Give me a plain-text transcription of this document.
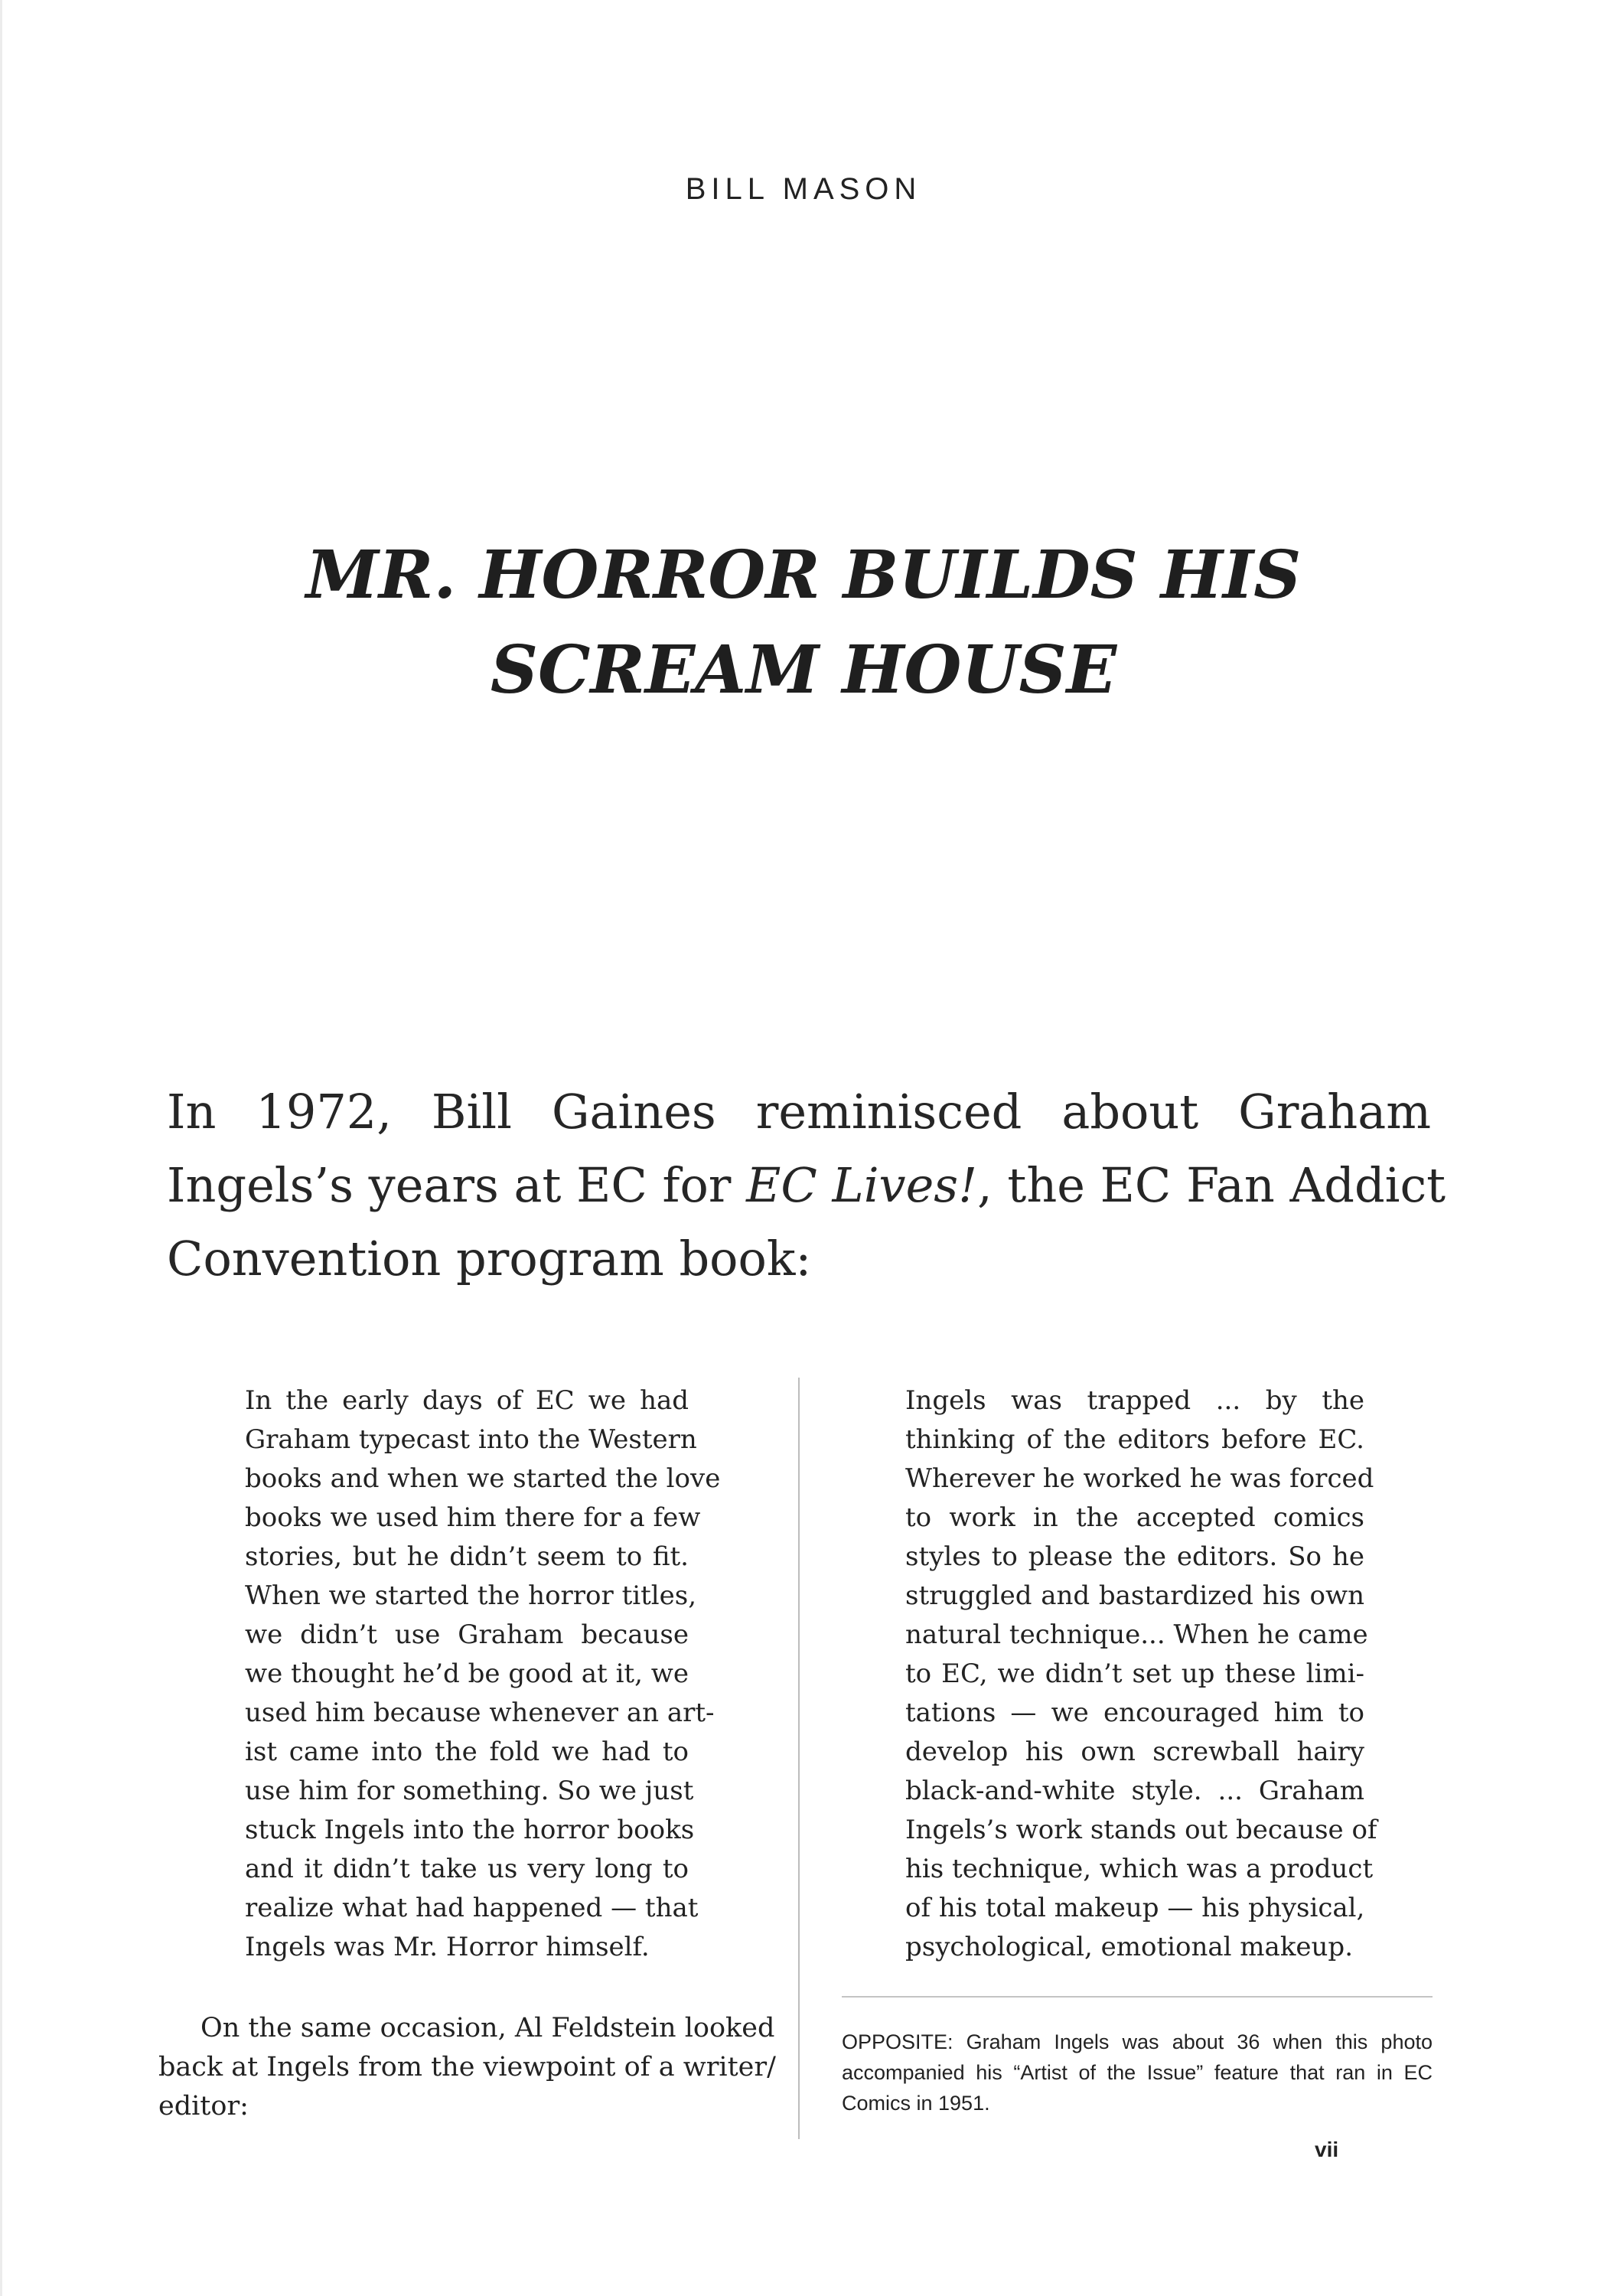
BILL MASON
MR. HORROR BUILDS HIS
SCREAM HOUSE
In 1972, Bill Gaines reminisced about Graham
Ingels’s years at EC for EC Lives!, the EC Fan Addict
Convention program book:
In the early days of EC we had
Graham typecast into the Western
books and when we started the love
books we used him there for a few
stories, but he didn’t seem to fit.
When we started the horror titles,
we didn’t use Graham because
we thought he’d be good at it, we
used him because whenever an art-
ist came into the fold we had to
use him for something. So we just
stuck Ingels into the horror books
and it didn’t take us very long to
realize what had happened — that
Ingels was Mr. Horror himself.
Ingels was trapped ... by the
thinking of the editors before EC.
Wherever he worked he was forced
to work in the accepted comics
styles to please the editors. So he
struggled and bastardized his own
natural technique... When he came
to EC, we didn’t set up these limi-
tations — we encouraged him to
develop his own screwball hairy
black-and-white style. ... Graham
Ingels’s work stands out because of
his technique, which was a product
of his total makeup — his physical,
psychological, emotional makeup.
On the same occasion, Al Feldstein looked
back at Ingels from the viewpoint of a writer/
editor:
OPPOSITE: Graham Ingels was about 36 when this photo
accompanied his “Artist of the Issue” feature that ran in EC
Comics in 1951.
vii
